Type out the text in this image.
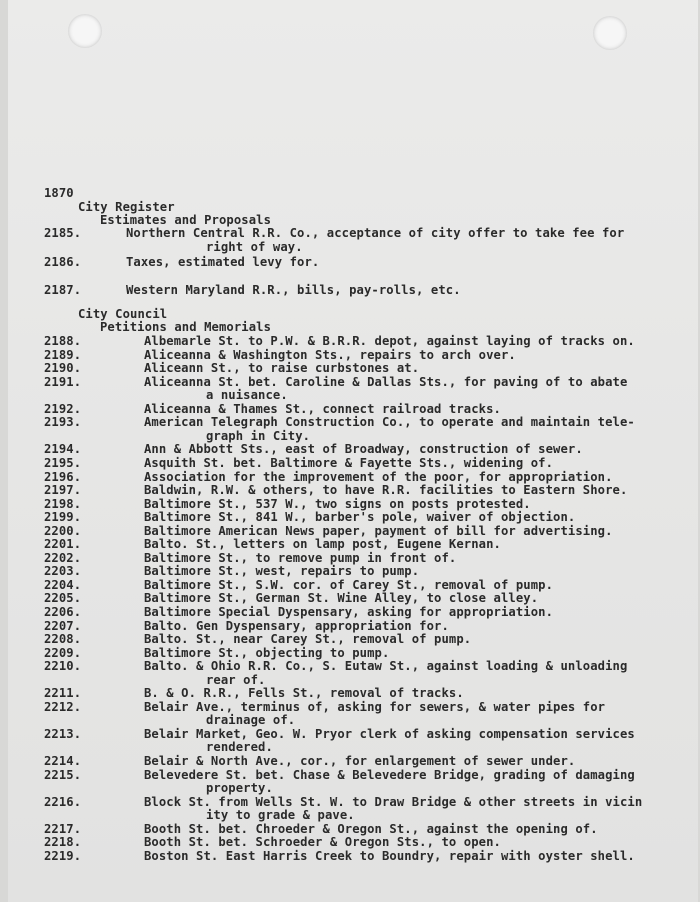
1870
City Register
Estimates and Proposals
2185.	Northern Central R.R. Co., acceptance of city offer to take fee for
right of way.
2186.	Taxes, estimated levy for.
2187.	Western Maryland R.R., bills, pay-rolls, etc.
City Council
Petitions and Memorials
2188.	Albemarle St. to P.W. & B.R.R. depot, against laying of tracks on.
2189.	Aliceanna & Washington Sts., repairs to arch over.
2190.	Aliceann St., to raise curbstones at.
2191.	Aliceanna St. bet. Caroline & Dallas Sts., for paving of to abate
a nuisance.
2192.	Aliceanna & Thames St., connect railroad tracks.
2193.	American Telegraph Construction Co., to operate and maintain tele-
graph in City.
2194.	Ann & Abbott Sts., east of Broadway, construction of sewer.
2195.	Asquith St. bet. Baltimore & Fayette Sts., widening of.
2196.	Association for the improvement of the poor, for appropriation.
2197.	Baldwin, R.W. & others, to have R.R. facilities to Eastern Shore.
2198.	Baltimore St., 537 W., two signs on posts protested.
2199.	Baltimore St., 841 W., barber's pole, waiver of objection.
2200.	Baltimore American News paper, payment of bill for advertising.
2201.	Balto. St., letters on lamp post, Eugene Kernan.
2202.	Baltimore St., to remove pump in front of.
2203.	Baltimore St., west, repairs to pump.
2204.	Baltimore St., S.W. cor. of Carey St., removal of pump.
2205.	Baltimore St., German St. Wine Alley, to close alley.
2206.	Baltimore Special Dyspensary, asking for appropriation.
2207.	Balto. Gen Dyspensary, appropriation for.
2208.	Balto. St., near Carey St., removal of pump.
2209.	Baltimore St., objecting to pump.
2210.	Balto. & Ohio R.R. Co., S. Eutaw St., against loading & unloading
rear of.
2211.	B. & O. R.R., Fells St., removal of tracks.
2212.	Belair Ave., terminus of, asking for sewers, & water pipes for
drainage of.
2213.	Belair Market, Geo. W. Pryor clerk of asking compensation services
rendered.
2214.	Belair & North Ave., cor., for enlargement of sewer under.
2215.	Belevedere St. bet. Chase & Belevedere Bridge, grading of damaging
property.
2216.	Block St. from Wells St. W. to Draw Bridge & other streets in vicin
ity to grade & pave.
2217.	Booth St. bet. Chroeder & Oregon St., against the opening of.
2218.	Booth St. bet. Schroeder & Oregon Sts., to open.
2219.	Boston St. East Harris Creek to Boundry, repair with oyster shell.
